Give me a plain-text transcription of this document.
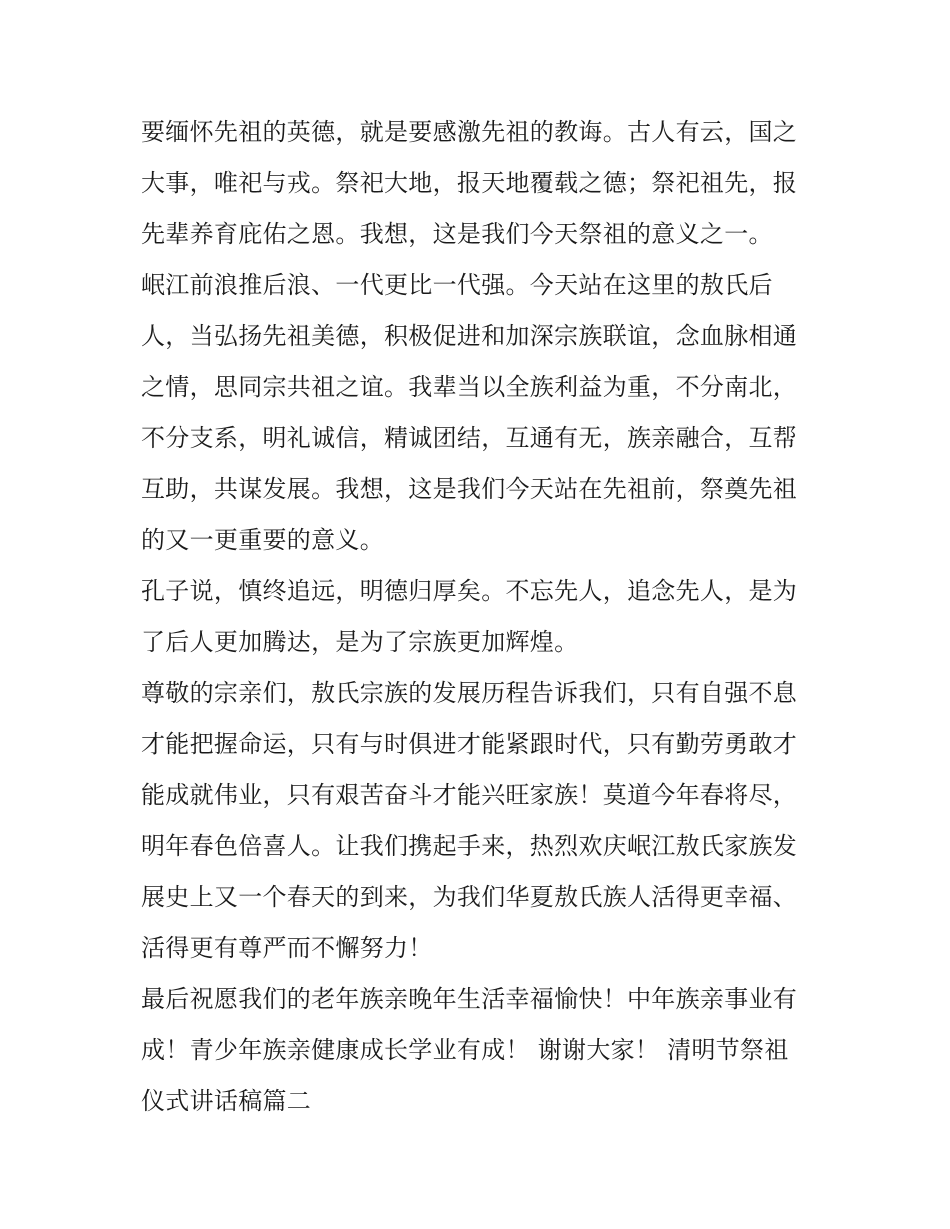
要缅怀先祖的英德，就是要感激先祖的教诲。古人有云，国之
大事，唯祀与戎。祭祀大地，报天地覆载之德；祭祀祖先，报
先辈养育庇佑之恩。我想，这是我们今天祭祖的意义之一。
岷江前浪推后浪、一代更比一代强。今天站在这里的敖氏后
人，当弘扬先祖美德，积极促进和加深宗族联谊，念血脉相通
之情，思同宗共祖之谊。我辈当以全族利益为重，不分南北，
不分支系，明礼诚信，精诚团结，互通有无，族亲融合，互帮
互助，共谋发展。我想，这是我们今天站在先祖前，祭奠先祖
的又一更重要的意义。
孔子说，慎终追远，明德归厚矣。不忘先人，追念先人，是为
了后人更加腾达，是为了宗族更加辉煌。
尊敬的宗亲们，敖氏宗族的发展历程告诉我们，只有自强不息
才能把握命运，只有与时俱进才能紧跟时代，只有勤劳勇敢才
能成就伟业，只有艰苦奋斗才能兴旺家族！莫道今年春将尽，
明年春色倍喜人。让我们携起手来，热烈欢庆岷江敖氏家族发
展史上又一个春天的到来，为我们华夏敖氏族人活得更幸福、
活得更有尊严而不懈努力！
最后祝愿我们的老年族亲晚年生活幸福愉快！中年族亲事业有
成！青少年族亲健康成长学业有成！ 谢谢大家！ 清明节祭祖
仪式讲话稿篇二
